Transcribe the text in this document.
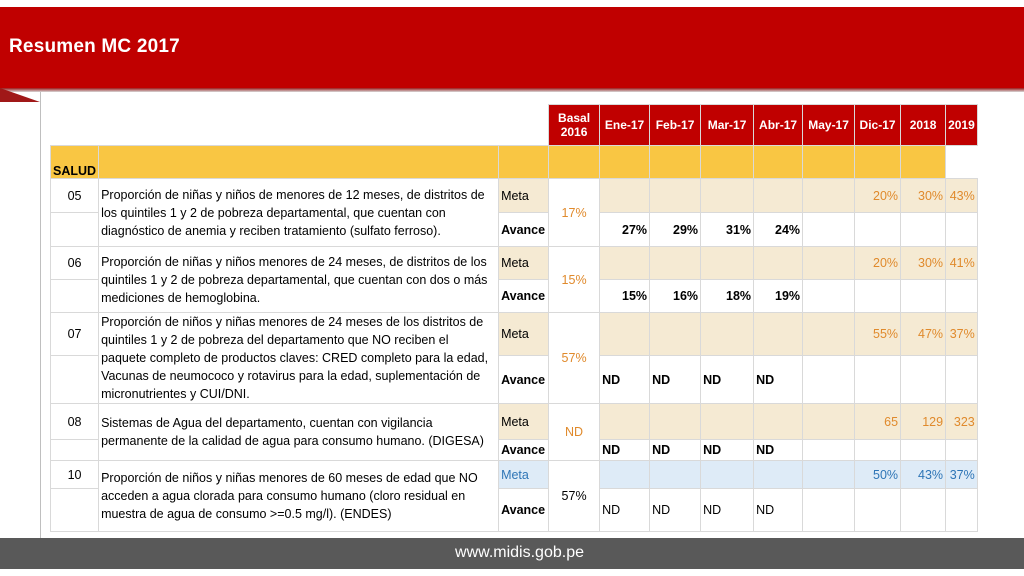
Resumen MC 2017
			Basal 2016	Ene-17	Feb-17	Mar-17	Abr-17	May-17	Dic-17	2018	2019
SALUD											
05	Proporción de niñas y niños de menores de 12 meses, de distritos de los quintiles 1 y 2 de pobreza departamental, que cuentan con diagnóstico de anemia y reciben tratamiento (sulfato ferroso).	Meta	17%						20%	30%	43%
		Avance		27%	29%	31%	24%				
06	Proporción de niñas y niños menores de 24 meses, de distritos de los quintiles 1 y 2 de pobreza departamental, que cuentan con dos o más mediciones de hemoglobina.	Meta	15%						20%	30%	41%
		Avance		15%	16%	18%	19%				
07	Proporción de niños y niñas menores de 24 meses de los distritos de quintiles 1 y 2 de pobreza del departamento que NO reciben el paquete completo de productos claves: CRED completo para la edad, Vacunas de neumococo y rotavirus para la edad, suplementación de micronutrientes y CUI/DNI.	Meta	57%						55%	47%	37%
		Avance		ND	ND	ND	ND				
08	Sistemas de Agua del departamento, cuentan con vigilancia permanente de la calidad de agua para consumo humano. (DIGESA)	Meta	ND						65	129	323
		Avance		ND	ND	ND	ND				
10	Proporción de niños y niñas menores de 60 meses de edad que NO acceden a agua clorada para consumo humano (cloro residual en muestra de agua de consumo >=0.5 mg/l). (ENDES)	Meta	57%						50%	43%	37%
		Avance		ND	ND	ND	ND				
www.midis.gob.pe
